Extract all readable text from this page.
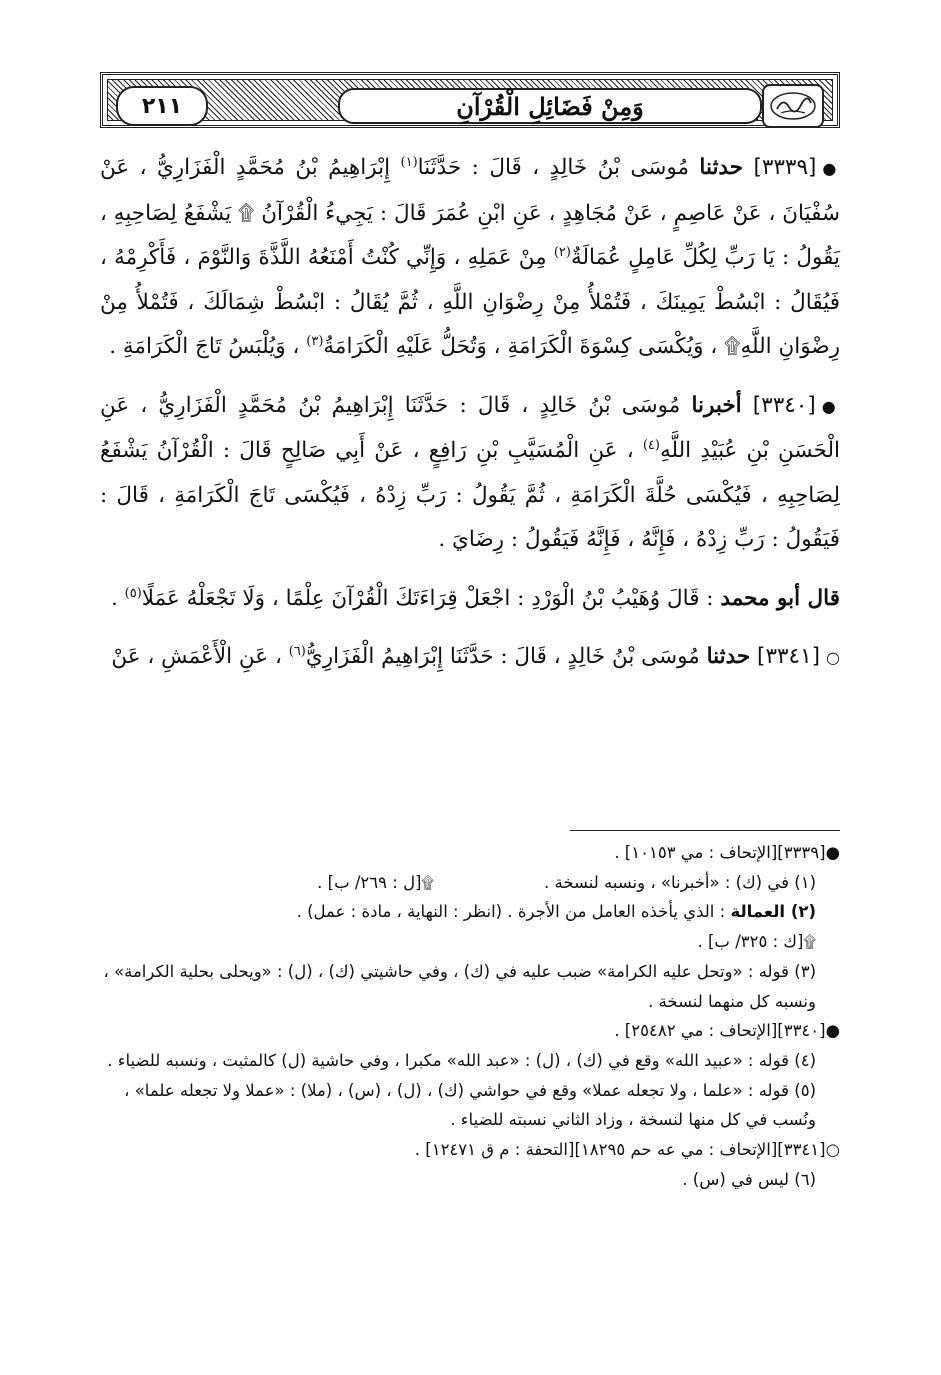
٢١١	وَمِنْ فَضَائِلِ الْقُرْآنِ

●[٣٣٣٩] حدثنا مُوسَى بْنُ خَالِدٍ ، قَالَ : حَدَّثَنَا$^{(١)}$ إِبْرَاهِيمُ بْنُ مُحَمَّدٍ الْفَزَارِيُّ ، عَنْ سُفْيَانَ ، عَنْ عَاصِمٍ ، عَنْ مُجَاهِدٍ ، عَنِ ابْنِ عُمَرَ قَالَ : يَجِيءُ الْقُرْآنُ ۩ يَشْفَعُ لِصَاحِبِهِ ، يَقُولُ : يَا رَبِّ لِكُلِّ عَامِلٍ عُمَالَةٌ$^{(٢)}$ مِنْ عَمَلِهِ ، وَإِنِّي كُنْتُ أَمْنَعُهُ اللَّذَّةَ وَالنَّوْمَ ، فَأَكْرِمْهُ ، فَيُقَالُ : ابْسُطْ يَمِينَكَ ، فَتُمْلأُ مِنْ رِضْوَانِ اللَّهِ ، ثُمَّ يُقَالُ : ابْسُطْ شِمَالَكَ ، فَتُمْلأُ مِنْ رِضْوَانِ اللَّهِ۩ ، وَيُكْسَى كِسْوَةَ الْكَرَامَةِ ، وَتُحَلُّ عَلَيْهِ الْكَرَامَةُ$^{(٣)}$ ، وَيُلْبَسُ تَاجَ الْكَرَامَةِ .

●[٣٣٤٠] أخبرنا مُوسَى بْنُ خَالِدٍ ، قَالَ : حَدَّثَنَا إِبْرَاهِيمُ بْنُ مُحَمَّدٍ الْفَزَارِيُّ ، عَنِ الْحَسَنِ بْنِ عُبَيْدِ اللَّهِ$^{(٤)}$ ، عَنِ الْمُسَيَّبِ بْنِ رَافِعٍ ، عَنْ أَبِي صَالِحٍ قَالَ : الْقُرْآنُ يَشْفَعُ لِصَاحِبِهِ ، فَيُكْسَى حُلَّةَ الْكَرَامَةِ ، ثُمَّ يَقُولُ : رَبِّ زِدْهُ ، فَيُكْسَى تَاجَ الْكَرَامَةِ ، قَالَ : فَيَقُولُ : رَبِّ زِدْهُ ، فَإِنَّهُ ، فَإِنَّهُ فَيَقُولُ : رِضَايَ .

قال أبو محمد : قَالَ وُهَيْبُ بْنُ الْوَرْدِ : اجْعَلْ قِرَاءَتَكَ الْقُرْآنَ عِلْمًا ، وَلَا تَجْعَلْهُ عَمَلًا$^{(٥)}$ .

○[٣٣٤١] حدثنا مُوسَى بْنُ خَالِدٍ ، قَالَ : حَدَّثَنَا إِبْرَاهِيمُ الْفَزَارِيُّ$^{(٦)}$ ، عَنِ الْأَعْمَشِ ، عَنْ

●[٣٣٣٩][الإتحاف : مي ١٠١٥٣] .

(١) في (ك) : «أخبرنا» ، ونسبه لنسخة .۩[ل : ٢٦٩/ ب] .

(٢) العمالة : الذي يأخذه العامل من الأجرة . (انظر : النهاية ، مادة : عمل) .

۩[ك : ٣٢٥/ ب] .

(٣) قوله : «وتحل عليه الكرامة» ضبب عليه في (ك) ، وفي حاشيتي (ك) ، (ل) : «ويحلى بحلية الكرامة» ،

ونسبه كل منهما لنسخة .

●[٣٣٤٠][الإتحاف : مي ٢٥٤٨٢] .

(٤) قوله : «عبيد الله» وقع في (ك) ، (ل) : «عبد الله» مكبرا ، وفي حاشية (ل) كالمثبت ، ونسبه للضياء .

(٥) قوله : «علما ، ولا تجعله عملا» وقع في حواشي (ك) ، (ل) ، (س) ، (ملا) : «عملا ولا تجعله علما» ،

ونُسب في كل منها لنسخة ، وزاد الثاني نسبته للضياء .

○[٣٣٤١][الإتحاف : مي عه حم ١٨٢٩٥][التحفة : م ق ١٢٤٧١] .

(٦) ليس في (س) .
